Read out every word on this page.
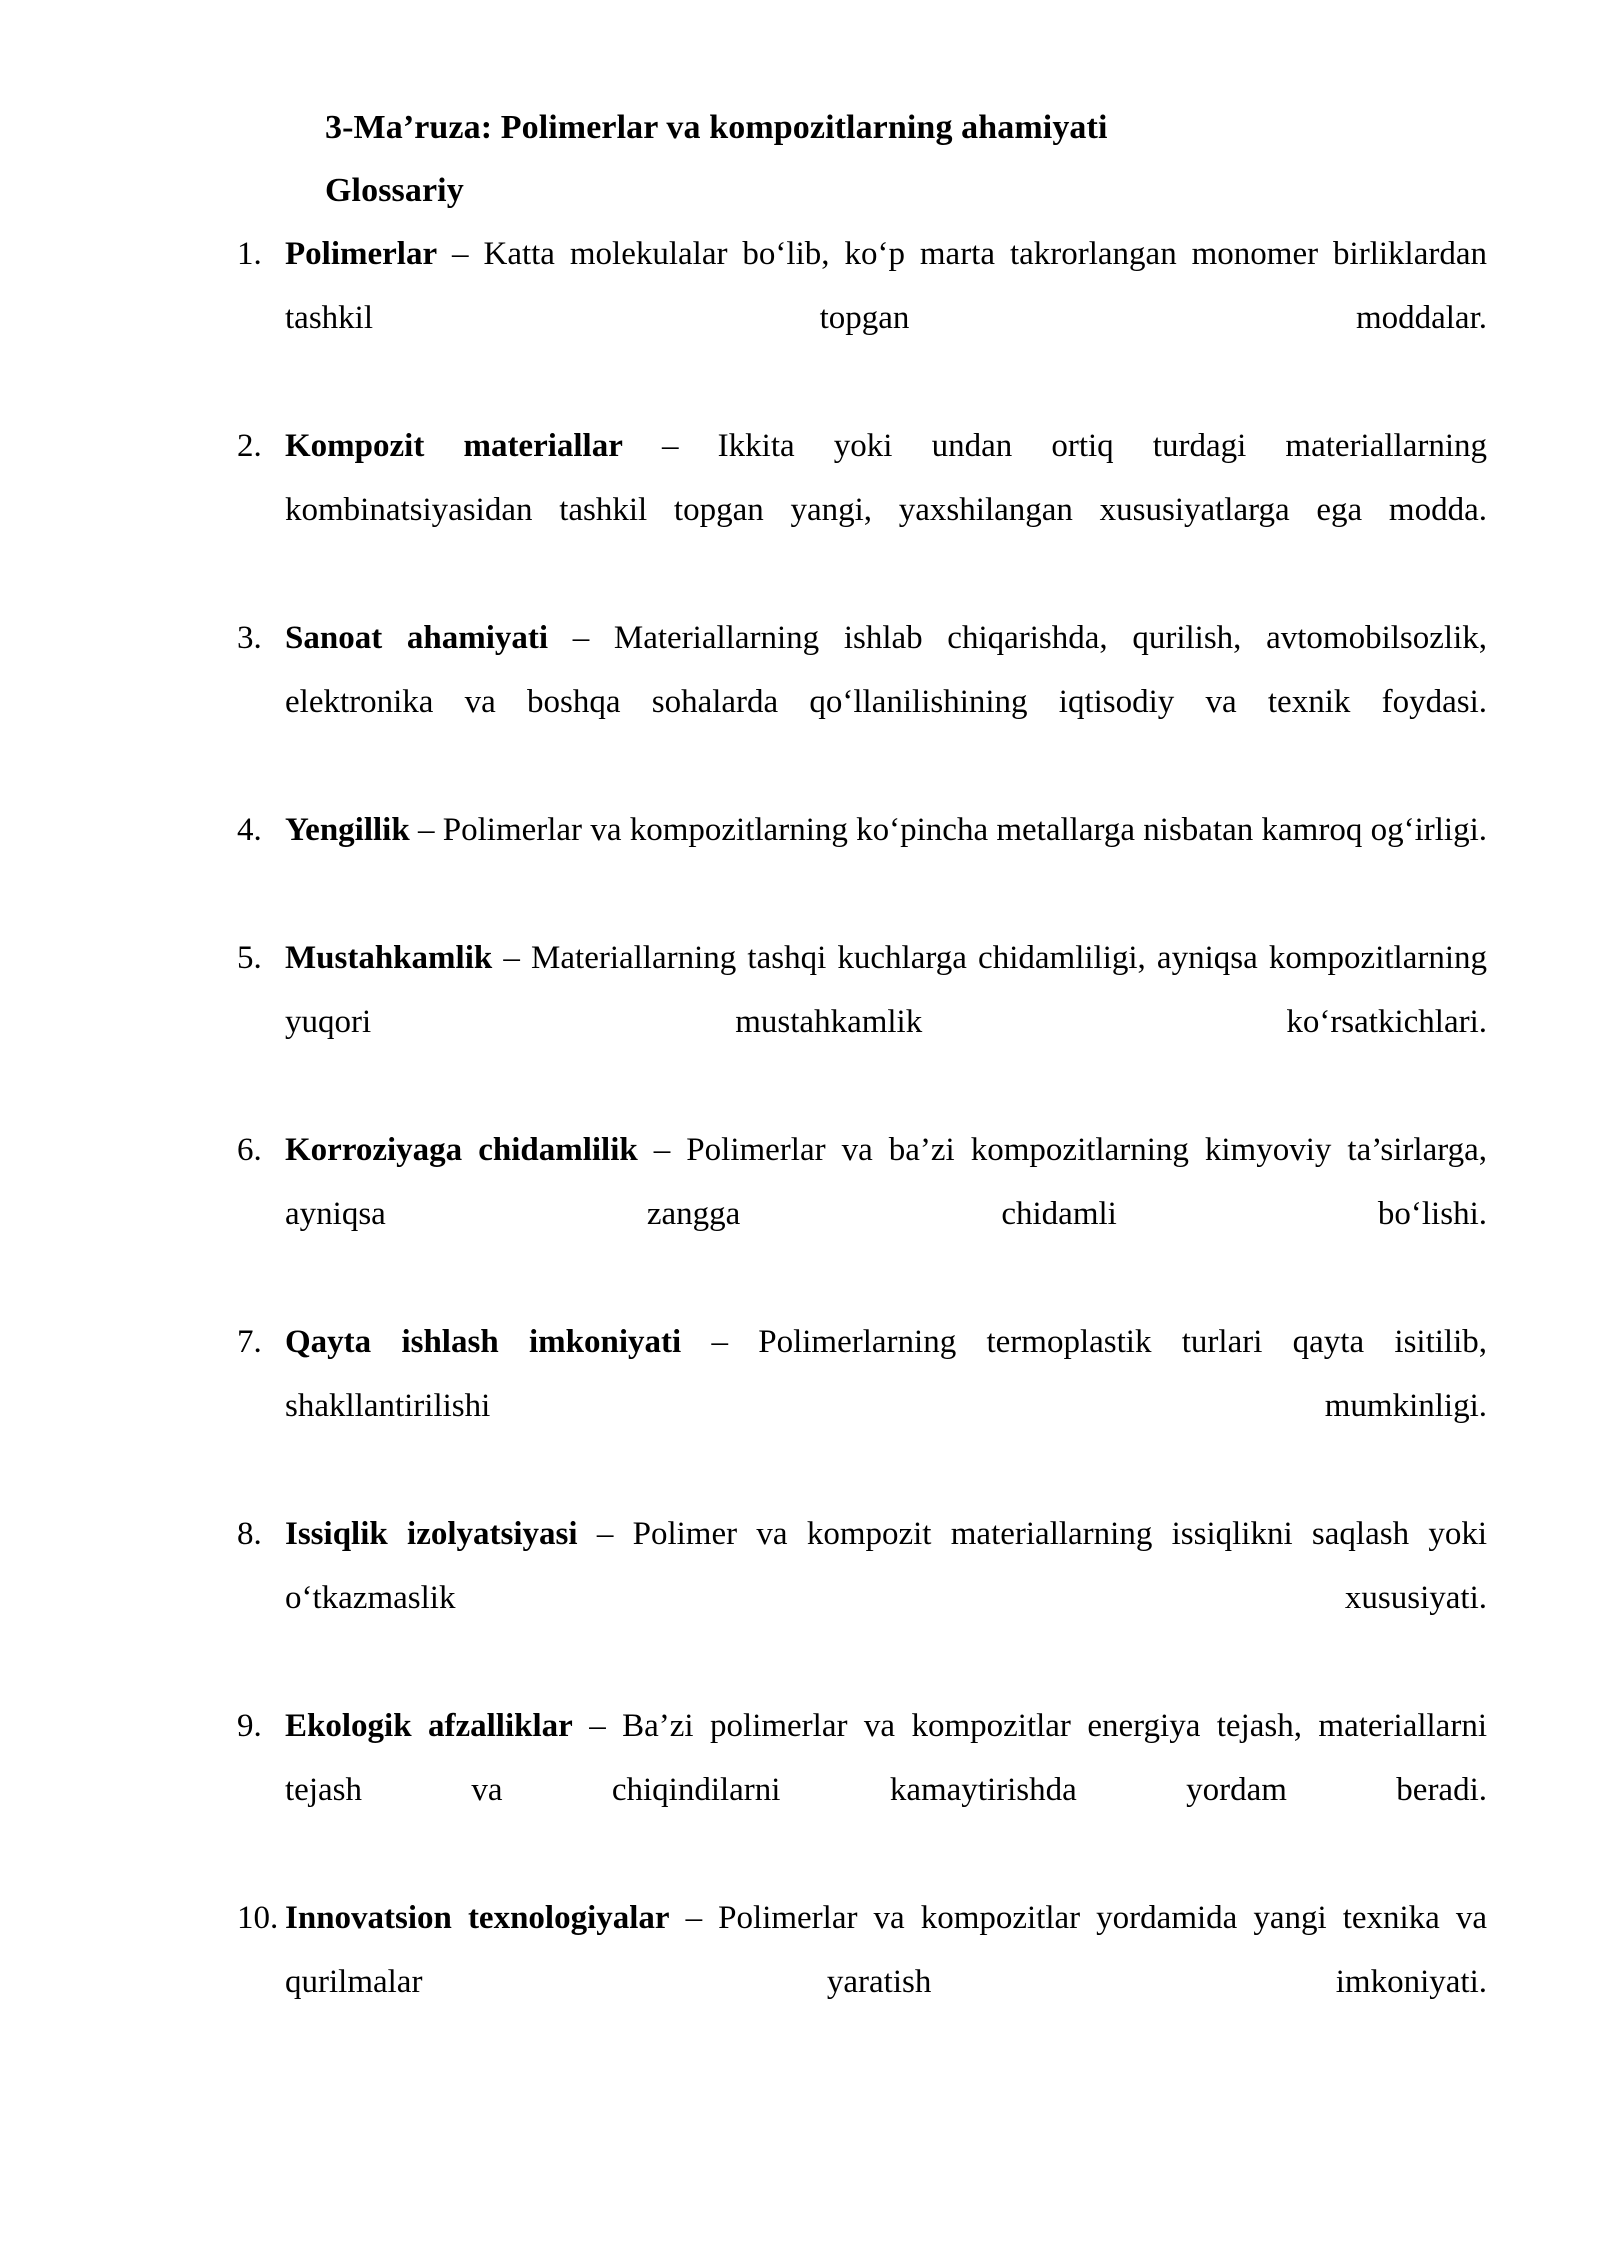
3-Ma’ruza: Polimerlar va kompozitlarning ahamiyati
Glossariy
1. Polimerlar – Katta molekulalar bo‘lib, ko‘p marta takrorlangan monomer birliklardan tashkil topgan moddalar.
2. Kompozit materiallar – Ikkita yoki undan ortiq turdagi materiallarning kombinatsiyasidan tashkil topgan yangi, yaxshilangan xususiyatlarga ega modda.
3. Sanoat ahamiyati – Materiallarning ishlab chiqarishda, qurilish, avtomobilsozlik, elektronika va boshqa sohalarda qo‘llanilishining iqtisodiy va texnik foydasi.
4. Yengillik – Polimerlar va kompozitlarning ko‘pincha metallarga nisbatan kamroq og‘irligi.
5. Mustahkamlik – Materiallarning tashqi kuchlarga chidamliligi, ayniqsa kompozitlarning yuqori mustahkamlik ko‘rsatkichlari.
6. Korroziyaga chidamlilik – Polimerlar va ba’zi kompozitlarning kimyoviy ta’sirlarga, ayniqsa zangga chidamli bo‘lishi.
7. Qayta ishlash imkoniyati – Polimerlarning termoplastik turlari qayta isitilib, shakllantirilishi mumkinligi.
8. Issiqlik izolyatsiyasi – Polimer va kompozit materiallarning issiqlikni saqlash yoki o‘tkazmaslik xususiyati.
9. Ekologik afzalliklar – Ba’zi polimerlar va kompozitlar energiya tejash, materiallarni tejash va chiqindilarni kamaytirishda yordam beradi.
10. Innovatsion texnologiyalar – Polimerlar va kompozitlar yordamida yangi texnika va qurilmalar yaratish imkoniyati.
